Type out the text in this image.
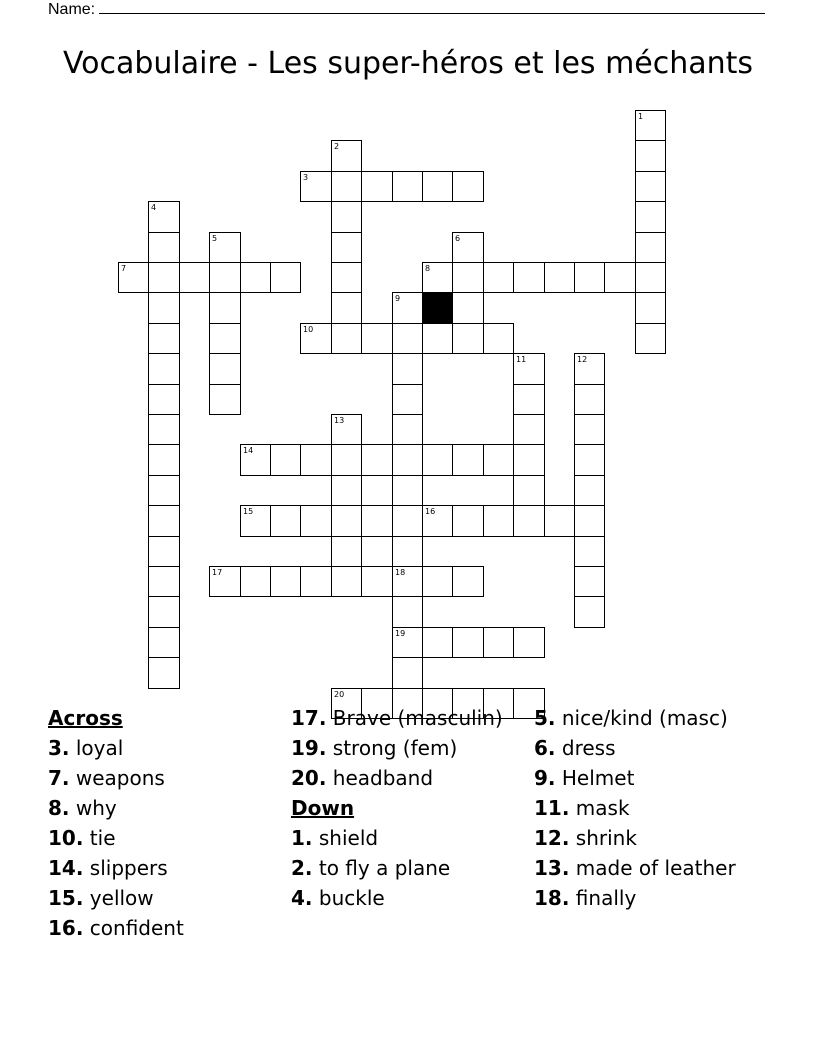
Name:
Vocabulaire - Les super-héros et les méchants
1
2
3
4
5	6
7	8
9
18
19
10
11	12
13
14
15	16
17
20
Across
3. loyal
7. weapons
8. why
10. tie
14. slippers
15. yellow
16. confident
17. Brave (masculin)
19. strong (fem)
20. headband
Down
1. shield
2. to fly a plane
4. buckle
5. nice/kind (masc)
6. dress
9. Helmet
11. mask
12. shrink
13. made of leather
18. finally
